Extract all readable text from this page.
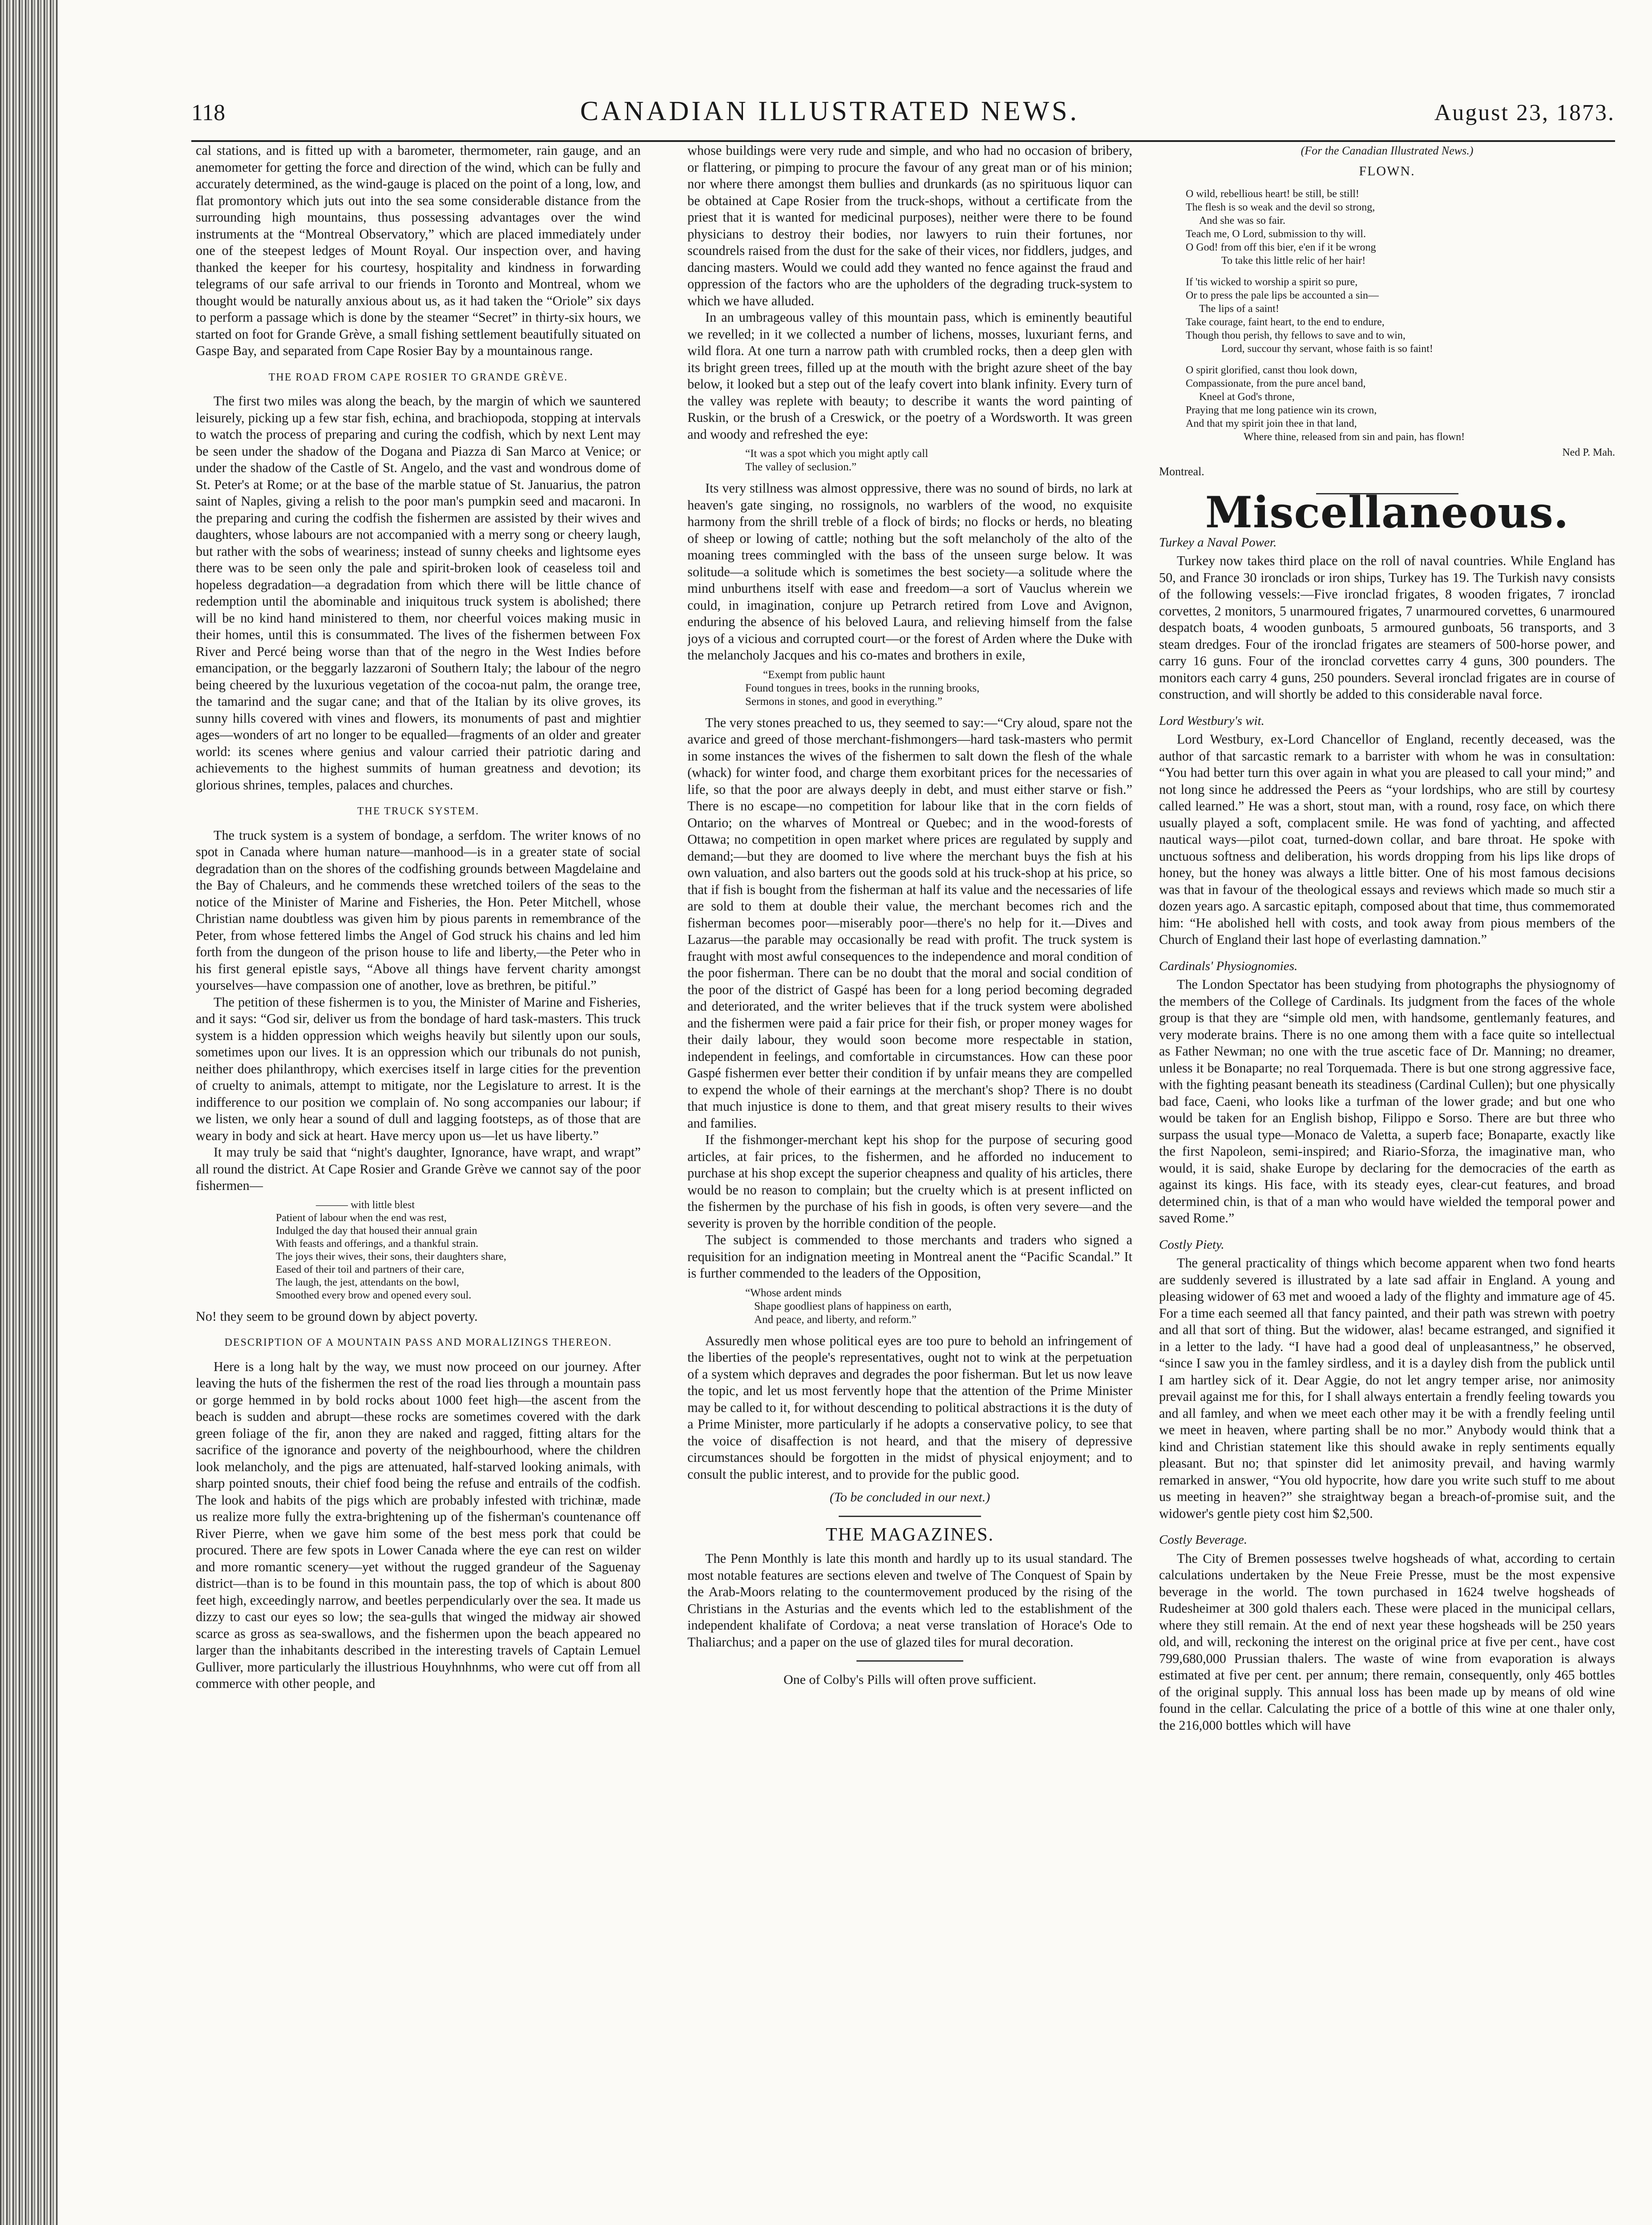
118	CANADIAN ILLUSTRATED NEWS.	August 23, 1873.

cal stations, and is fitted up with a barometer, thermometer, rain gauge, and an anemometer for getting the force and direction of the wind, which can be fully and accurately determined, as the wind-gauge is placed on the point of a long, low, and flat promontory which juts out into the sea some considerable distance from the surrounding high mountains, thus possessing advantages over the wind instruments at the “Montreal Observatory,” which are placed immediately under one of the steepest ledges of Mount Royal. Our inspection over, and having thanked the keeper for his courtesy, hospitality and kindness in forwarding telegrams of our safe arrival to our friends in Toronto and Montreal, whom we thought would be naturally anxious about us, as it had taken the “Oriole” six days to perform a passage which is done by the steamer “Secret” in thirty-six hours, we started on foot for Grande Grève, a small fishing settlement beautifully situated on Gaspe Bay, and separated from Cape Rosier Bay by a mountainous range.

THE ROAD FROM CAPE ROSIER TO GRANDE GRÈVE.

The first two miles was along the beach, by the margin of which we sauntered leisurely, picking up a few star fish, echina, and brachiopoda, stopping at intervals to watch the process of preparing and curing the codfish, which by next Lent may be seen under the shadow of the Dogana and Piazza di San Marco at Venice; or under the shadow of the Castle of St. Angelo, and the vast and wondrous dome of St. Peter's at Rome; or at the base of the marble statue of St. Januarius, the patron saint of Naples, giving a relish to the poor man's pumpkin seed and macaroni. In the preparing and curing the codfish the fishermen are assisted by their wives and daughters, whose labours are not accompanied with a merry song or cheery laugh, but rather with the sobs of weariness; instead of sunny cheeks and lightsome eyes there was to be seen only the pale and spirit-broken look of ceaseless toil and hopeless degradation—a degradation from which there will be little chance of redemption until the abominable and iniquitous truck system is abolished; there will be no kind hand ministered to them, nor cheerful voices making music in their homes, until this is consummated. The lives of the fishermen between Fox River and Percé being worse than that of the negro in the West Indies before emancipation, or the beggarly lazzaroni of Southern Italy; the labour of the negro being cheered by the luxurious vegetation of the cocoa-nut palm, the orange tree, the tamarind and the sugar cane; and that of the Italian by its olive groves, its sunny hills covered with vines and flowers, its monuments of past and mightier ages—wonders of art no longer to be equalled—fragments of an older and greater world: its scenes where genius and valour carried their patriotic daring and achievements to the highest summits of human greatness and devotion; its glorious shrines, temples, palaces and churches.

THE TRUCK SYSTEM.

The truck system is a system of bondage, a serfdom. The writer knows of no spot in Canada where human nature—manhood—is in a greater state of social degradation than on the shores of the codfishing grounds between Magdelaine and the Bay of Chaleurs, and he commends these wretched toilers of the seas to the notice of the Minister of Marine and Fisheries, the Hon. Peter Mitchell, whose Christian name doubtless was given him by pious parents in remembrance of the Peter, from whose fettered limbs the Angel of God struck his chains and led him forth from the dungeon of the prison house to life and liberty,—the Peter who in his first general epistle says, “Above all things have fervent charity amongst yourselves—have compassion one of another, love as brethren, be pitiful.”

The petition of these fishermen is to you, the Minister of Marine and Fisheries, and it says: “God sir, deliver us from the bondage of hard task-masters. This truck system is a hidden oppression which weighs heavily but silently upon our souls, sometimes upon our lives. It is an oppression which our tribunals do not punish, neither does philanthropy, which exercises itself in large cities for the prevention of cruelty to animals, attempt to mitigate, nor the Legislature to arrest. It is the indifference to our position we complain of. No song accompanies our labour; if we listen, we only hear a sound of dull and lagging footsteps, as of those that are weary in body and sick at heart. Have mercy upon us—let us have liberty.”

It may truly be said that “night's daughter, Ignorance, have wrapt, and wrapt” all round the district. At Cape Rosier and Grande Grève we cannot say of the poor fishermen—

——— with little blest
Patient of labour when the end was rest,
Indulged the day that housed their annual grain
With feasts and offerings, and a thankful strain.
The joys their wives, their sons, their daughters share,
Eased of their toil and partners of their care,
The laugh, the jest, attendants on the bowl,
Smoothed every brow and opened every soul.

No! they seem to be ground down by abject poverty.

DESCRIPTION OF A MOUNTAIN PASS AND MORALIZINGS THEREON.

Here is a long halt by the way, we must now proceed on our journey. After leaving the huts of the fishermen the rest of the road lies through a mountain pass or gorge hemmed in by bold rocks about 1000 feet high—the ascent from the beach is sudden and abrupt—these rocks are sometimes covered with the dark green foliage of the fir, anon they are naked and ragged, fitting altars for the sacrifice of the ignorance and poverty of the neighbourhood, where the children look melancholy, and the pigs are attenuated, half-starved looking animals, with sharp pointed snouts, their chief food being the refuse and entrails of the codfish. The look and habits of the pigs which are probably infested with trichinæ, made us realize more fully the extra-brightening up of the fisherman's countenance off River Pierre, when we gave him some of the best mess pork that could be procured. There are few spots in Lower Canada where the eye can rest on wilder and more romantic scenery—yet without the rugged grandeur of the Saguenay district—than is to be found in this mountain pass, the top of which is about 800 feet high, exceedingly narrow, and beetles perpendicularly over the sea. It made us dizzy to cast our eyes so low; the sea-gulls that winged the midway air showed scarce as gross as sea-swallows, and the fishermen upon the beach appeared no larger than the inhabitants described in the interesting travels of Captain Lemuel Gulliver, more particularly the illustrious Houyhnhnms, who were cut off from all commerce with other people, and

whose buildings were very rude and simple, and who had no occasion of bribery, or flattering, or pimping to procure the favour of any great man or of his minion; nor where there amongst them bullies and drunkards (as no spirituous liquor can be obtained at Cape Rosier from the truck-shops, without a certificate from the priest that it is wanted for medicinal purposes), neither were there to be found physicians to destroy their bodies, nor lawyers to ruin their fortunes, nor scoundrels raised from the dust for the sake of their vices, nor fiddlers, judges, and dancing masters. Would we could add they wanted no fence against the fraud and oppression of the factors who are the upholders of the degrading truck-system to which we have alluded.

In an umbrageous valley of this mountain pass, which is eminently beautiful we revelled; in it we collected a number of lichens, mosses, luxuriant ferns, and wild flora. At one turn a narrow path with crumbled rocks, then a deep glen with its bright green trees, filled up at the mouth with the bright azure sheet of the bay below, it looked but a step out of the leafy covert into blank infinity. Every turn of the valley was replete with beauty; to describe it wants the word painting of Ruskin, or the brush of a Creswick, or the poetry of a Wordsworth. It was green and woody and refreshed the eye:

“It was a spot which you might aptly call
The valley of seclusion.”

Its very stillness was almost oppressive, there was no sound of birds, no lark at heaven's gate singing, no rossignols, no warblers of the wood, no exquisite harmony from the shrill treble of a flock of birds; no flocks or herds, no bleating of sheep or lowing of cattle; nothing but the soft melancholy of the alto of the moaning trees commingled with the bass of the unseen surge below. It was solitude—a solitude which is sometimes the best society—a solitude where the mind unburthens itself with ease and freedom—a sort of Vauclus wherein we could, in imagination, conjure up Petrarch retired from Love and Avignon, enduring the absence of his beloved Laura, and relieving himself from the false joys of a vicious and corrupted court—or the forest of Arden where the Duke with the melancholy Jacques and his co-mates and brothers in exile,

“Exempt from public haunt
Found tongues in trees, books in the running brooks,
Sermons in stones, and good in everything.”

The very stones preached to us, they seemed to say:—“Cry aloud, spare not the avarice and greed of those merchant-fishmongers—hard task-masters who permit in some instances the wives of the fishermen to salt down the flesh of the whale (whack) for winter food, and charge them exorbitant prices for the necessaries of life, so that the poor are always deeply in debt, and must either starve or fish.” There is no escape—no competition for labour like that in the corn fields of Ontario; on the wharves of Montreal or Quebec; and in the wood-forests of Ottawa; no competition in open market where prices are regulated by supply and demand;—but they are doomed to live where the merchant buys the fish at his own valuation, and also barters out the goods sold at his truck-shop at his price, so that if fish is bought from the fisherman at half its value and the necessaries of life are sold to them at double their value, the merchant becomes rich and the fisherman becomes poor—miserably poor—there's no help for it.—Dives and Lazarus—the parable may occasionally be read with profit. The truck system is fraught with most awful consequences to the independence and moral condition of the poor fisherman. There can be no doubt that the moral and social condition of the poor of the district of Gaspé has been for a long period becoming degraded and deteriorated, and the writer believes that if the truck system were abolished and the fishermen were paid a fair price for their fish, or proper money wages for their daily labour, they would soon become more respectable in station, independent in feelings, and comfortable in circumstances. How can these poor Gaspé fishermen ever better their condition if by unfair means they are compelled to expend the whole of their earnings at the merchant's shop? There is no doubt that much injustice is done to them, and that great misery results to their wives and families.

If the fishmonger-merchant kept his shop for the purpose of securing good articles, at fair prices, to the fishermen, and he afforded no inducement to purchase at his shop except the superior cheapness and quality of his articles, there would be no reason to complain; but the cruelty which is at present inflicted on the fishermen by the purchase of his fish in goods, is often very severe—and the severity is proven by the horrible condition of the people.

The subject is commended to those merchants and traders who signed a requisition for an indignation meeting in Montreal anent the “Pacific Scandal.” It is further commended to the leaders of the Opposition,

“Whose ardent minds
Shape goodliest plans of happiness on earth,
And peace, and liberty, and reform.”

Assuredly men whose political eyes are too pure to behold an infringement of the liberties of the people's representatives, ought not to wink at the perpetuation of a system which depraves and degrades the poor fisherman. But let us now leave the topic, and let us most fervently hope that the attention of the Prime Minister may be called to it, for without descending to political abstractions it is the duty of a Prime Minister, more particularly if he adopts a conservative policy, to see that the voice of disaffection is not heard, and that the misery of depressive circumstances should be forgotten in the midst of physical enjoyment; and to consult the public interest, and to provide for the public good.

(To be concluded in our next.)
THE MAGAZINES.

The Penn Monthly is late this month and hardly up to its usual standard. The most notable features are sections eleven and twelve of The Conquest of Spain by the Arab-Moors relating to the countermovement produced by the rising of the Christians in the Asturias and the events which led to the establishment of the independent khalifate of Cordova; a neat verse translation of Horace's Ode to Thaliarchus; and a paper on the use of glazed tiles for mural decoration.

One of Colby's Pills will often prove sufficient.
(For the Canadian Illustrated News.)
FLOWN.
O wild, rebellious heart! be still, be still!
The flesh is so weak and the devil so strong,
And she was so fair.
Teach me, O Lord, submission to thy will.
O God! from off this bier, e'en if it be wrong
To take this little relic of her hair!
If 'tis wicked to worship a spirit so pure,
Or to press the pale lips be accounted a sin—
The lips of a saint!
Take courage, faint heart, to the end to endure,
Though thou perish, thy fellows to save and to win,
Lord, succour thy servant, whose faith is so faint!
O spirit glorified, canst thou look down,
Compassionate, from the pure ancel band,
Kneel at God's throne,
Praying that me long patience win its crown,
And that my spirit join thee in that land,
Where thine, released from sin and pain, has flown!
Ned P. Mah.
Montreal.
Miscellaneous.
Turkey a Naval Power.

Turkey now takes third place on the roll of naval countries. While England has 50, and France 30 ironclads or iron ships, Turkey has 19. The Turkish navy consists of the following vessels:—Five ironclad frigates, 8 wooden frigates, 7 ironclad corvettes, 2 monitors, 5 unarmoured frigates, 7 unarmoured corvettes, 6 unarmoured despatch boats, 4 wooden gunboats, 5 armoured gunboats, 56 transports, and 3 steam dredges. Four of the ironclad frigates are steamers of 500-horse power, and carry 16 guns. Four of the ironclad corvettes carry 4 guns, 300 pounders. The monitors each carry 4 guns, 250 pounders. Several ironclad frigates are in course of construction, and will shortly be added to this considerable naval force.

Lord Westbury's wit.

Lord Westbury, ex-Lord Chancellor of England, recently deceased, was the author of that sarcastic remark to a barrister with whom he was in consultation: “You had better turn this over again in what you are pleased to call your mind;” and not long since he addressed the Peers as “your lordships, who are still by courtesy called learned.” He was a short, stout man, with a round, rosy face, on which there usually played a soft, complacent smile. He was fond of yachting, and affected nautical ways—pilot coat, turned-down collar, and bare throat. He spoke with unctuous softness and deliberation, his words dropping from his lips like drops of honey, but the honey was always a little bitter. One of his most famous decisions was that in favour of the theological essays and reviews which made so much stir a dozen years ago. A sarcastic epitaph, composed about that time, thus commemorated him: “He abolished hell with costs, and took away from pious members of the Church of England their last hope of everlasting damnation.”

Cardinals' Physiognomies.

The London Spectator has been studying from photographs the physiognomy of the members of the College of Cardinals. Its judgment from the faces of the whole group is that they are “simple old men, with handsome, gentlemanly features, and very moderate brains. There is no one among them with a face quite so intellectual as Father Newman; no one with the true ascetic face of Dr. Manning; no dreamer, unless it be Bonaparte; no real Torquemada. There is but one strong aggressive face, with the fighting peasant beneath its steadiness (Cardinal Cullen); but one physically bad face, Caeni, who looks like a turfman of the lower grade; and but one who would be taken for an English bishop, Filippo e Sorso. There are but three who surpass the usual type—Monaco de Valetta, a superb face; Bonaparte, exactly like the first Napoleon, semi-inspired; and Riario-Sforza, the imaginative man, who would, it is said, shake Europe by declaring for the democracies of the earth as against its kings. His face, with its steady eyes, clear-cut features, and broad determined chin, is that of a man who would have wielded the temporal power and saved Rome.”

Costly Piety.

The general practicality of things which become apparent when two fond hearts are suddenly severed is illustrated by a late sad affair in England. A young and pleasing widower of 63 met and wooed a lady of the flighty and immature age of 45. For a time each seemed all that fancy painted, and their path was strewn with poetry and all that sort of thing. But the widower, alas! became estranged, and signified it in a letter to the lady. “I have had a good deal of unpleasantness,” he observed, “since I saw you in the famley sirdless, and it is a dayley dish from the publick until I am hartley sick of it. Dear Aggie, do not let angry temper arise, nor animosity prevail against me for this, for I shall always entertain a frendly feeling towards you and all famley, and when we meet each other may it be with a frendly feeling until we meet in heaven, where parting shall be no mor.” Anybody would think that a kind and Christian statement like this should awake in reply sentiments equally pleasant. But no; that spinster did let animosity prevail, and having warmly remarked in answer, “You old hypocrite, how dare you write such stuff to me about us meeting in heaven?” she straightway began a breach-of-promise suit, and the widower's gentle piety cost him $2,500.

Costly Beverage.

The City of Bremen possesses twelve hogsheads of what, according to certain calculations undertaken by the Neue Freie Presse, must be the most expensive beverage in the world. The town purchased in 1624 twelve hogsheads of Rudesheimer at 300 gold thalers each. These were placed in the municipal cellars, where they still remain. At the end of next year these hogsheads will be 250 years old, and will, reckoning the interest on the original price at five per cent., have cost 799,680,000 Prussian thalers. The waste of wine from evaporation is always estimated at five per cent. per annum; there remain, consequently, only 465 bottles of the original supply. This annual loss has been made up by means of old wine found in the cellar. Calculating the price of a bottle of this wine at one thaler only, the 216,000 bottles which will have
